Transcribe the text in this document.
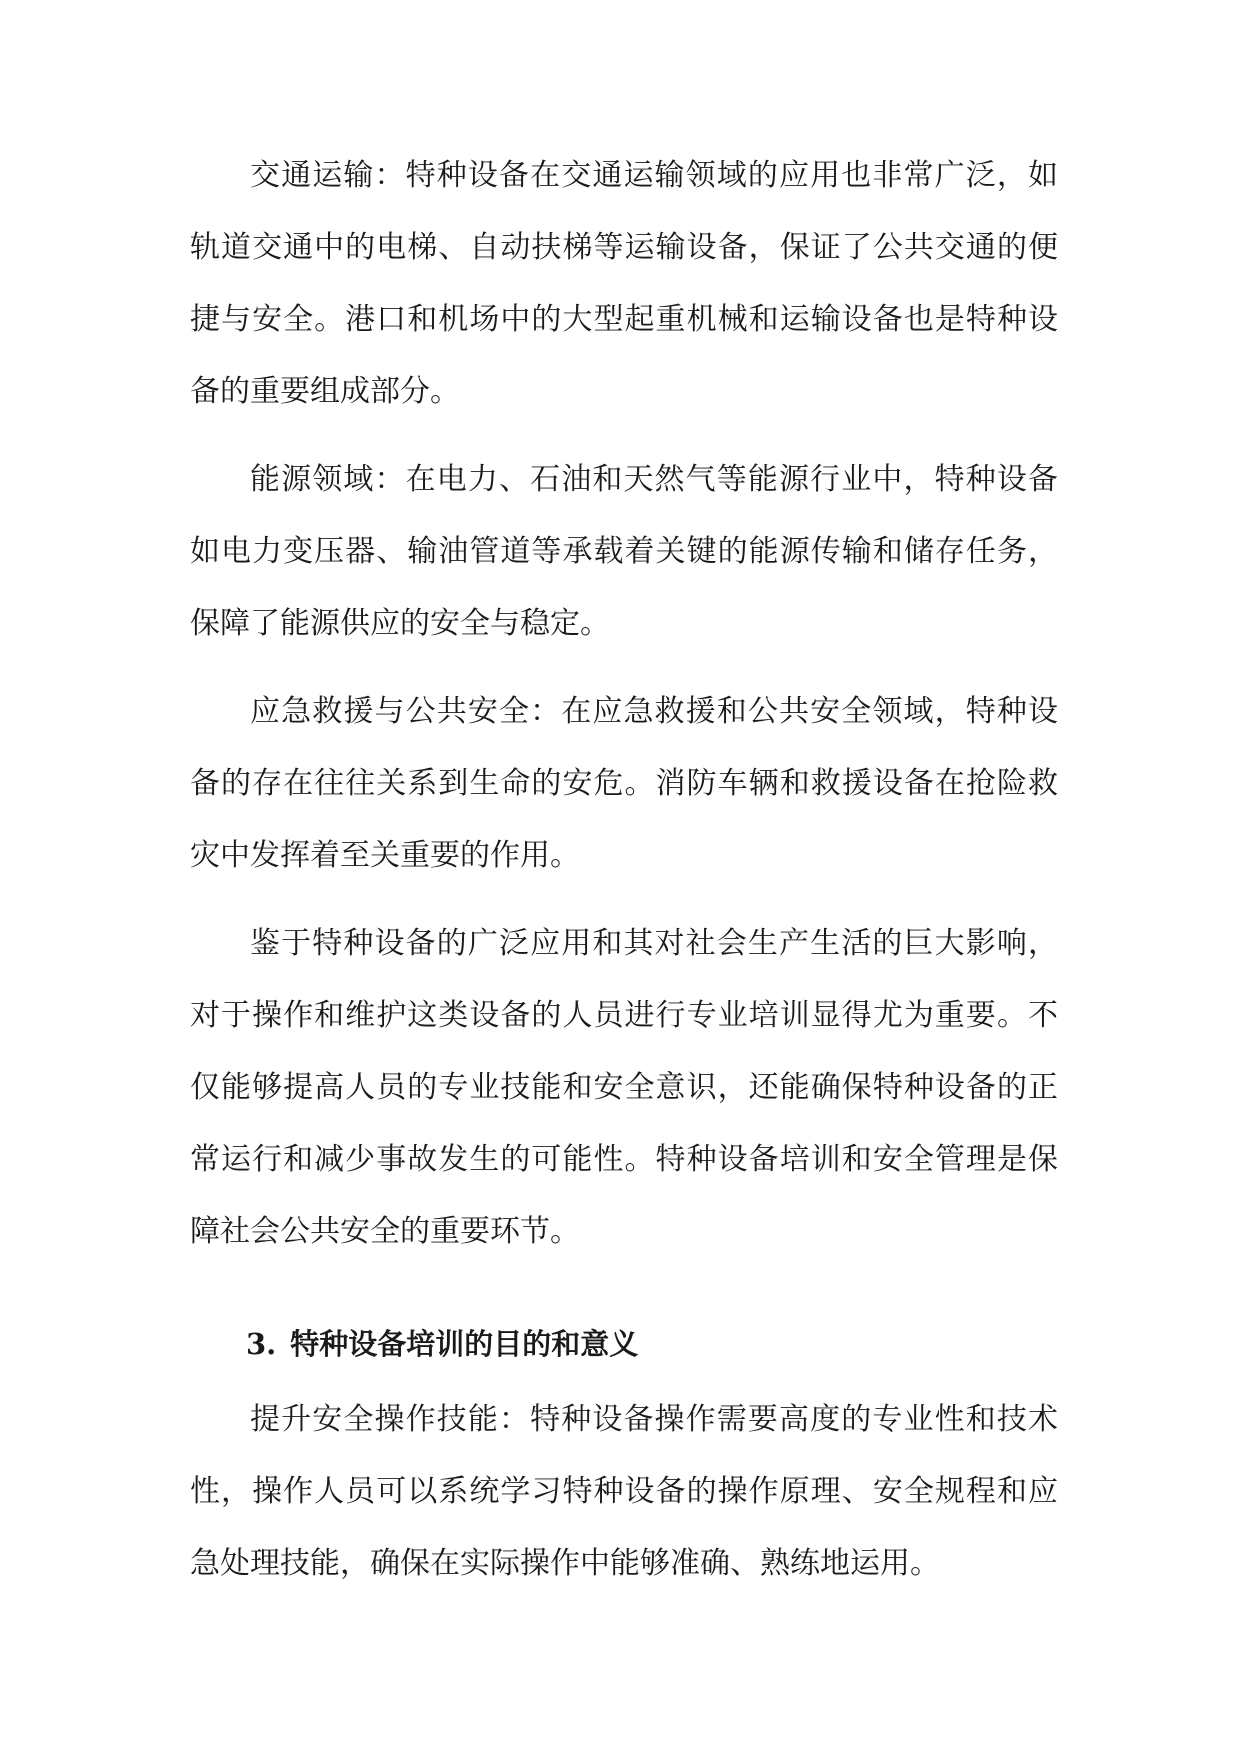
交通运输：特种设备在交通运输领域的应用也非常广泛，如轨道交通中的电梯、自动扶梯等运输设备，保证了公共交通的便捷与安全。港口和机场中的大型起重机械和运输设备也是特种设备的重要组成部分。

能源领域：在电力、石油和天然气等能源行业中，特种设备如电力变压器、输油管道等承载着关键的能源传输和储存任务，保障了能源供应的安全与稳定。

应急救援与公共安全：在应急救援和公共安全领域，特种设备的存在往往关系到生命的安危。消防车辆和救援设备在抢险救灾中发挥着至关重要的作用。

鉴于特种设备的广泛应用和其对社会生产生活的巨大影响，对于操作和维护这类设备的人员进行专业培训显得尤为重要。不仅能够提高人员的专业技能和安全意识，还能确保特种设备的正常运行和减少事故发生的可能性。特种设备培训和安全管理是保障社会公共安全的重要环节。

3. 特种设备培训的目的和意义

提升安全操作技能：特种设备操作需要高度的专业性和技术性，操作人员可以系统学习特种设备的操作原理、安全规程和应急处理技能，确保在实际操作中能够准确、熟练地运用。
